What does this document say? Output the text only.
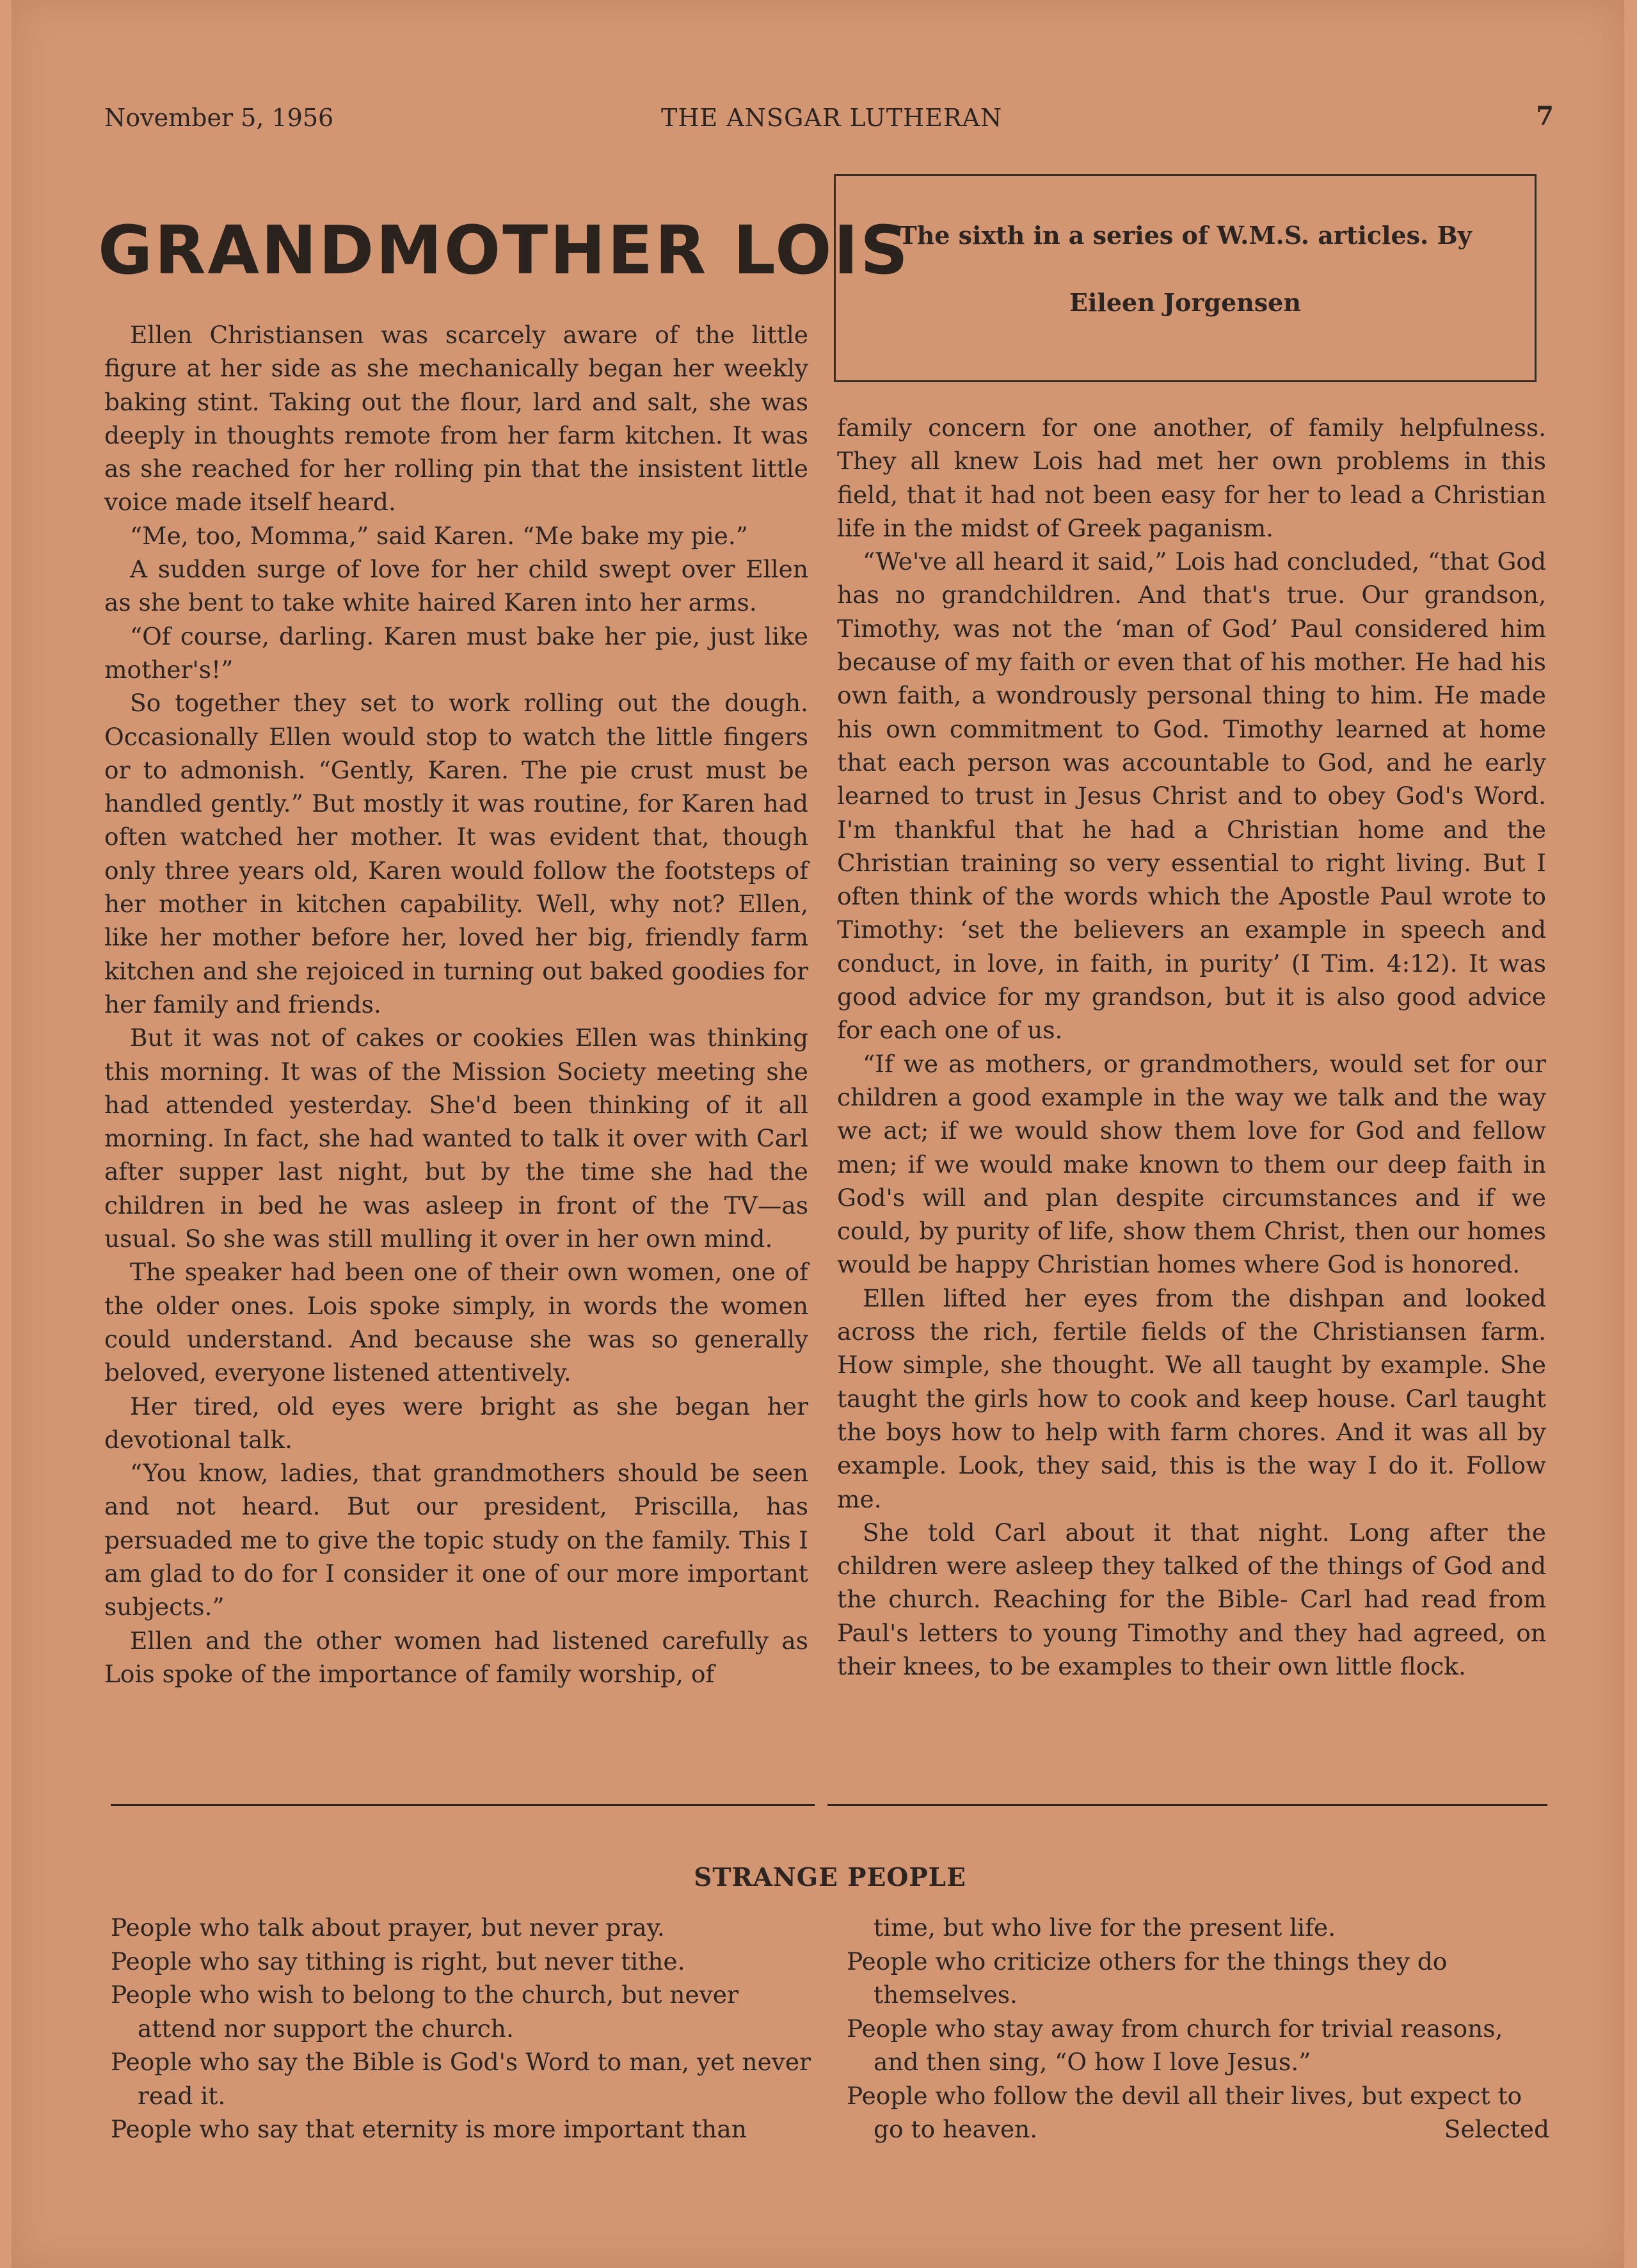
November 5, 1956	THE ANSGAR LUTHERAN	7
GRANDMOTHER LOIS
The sixth in a series of W.M.S. articles. By
Eileen Jorgensen

Ellen Christiansen was scarcely aware of the little figure at her side as she mechanically began her weekly baking stint. Taking out the flour, lard and salt, she was deeply in thoughts remote from her farm kitchen. It was as she reached for her rolling pin that the insistent little voice made itself heard.

“Me, too, Momma,” said Karen. “Me bake my pie.”

A sudden surge of love for her child swept over Ellen as she bent to take white haired Karen into her arms.

“Of course, darling. Karen must bake her pie, just like mother's!”

So together they set to work rolling out the dough. Occasionally Ellen would stop to watch the little fingers or to admonish. “Gently, Karen. The pie crust must be handled gently.” But mostly it was routine, for Karen had often watched her mother. It was evident that, though only three years old, Karen would follow the footsteps of her mother in kitchen capability. Well, why not? Ellen, like her mother before her, loved her big, friendly farm kitchen and she rejoiced in turning out baked goodies for her family and friends.

But it was not of cakes or cookies Ellen was thinking this morning. It was of the Mission Society meeting she had attended yesterday. She'd been thinking of it all morning. In fact, she had wanted to talk it over with Carl after supper last night, but by the time she had the children in bed he was asleep in front of the TV—as usual. So she was still mulling it over in her own mind.

The speaker had been one of their own women, one of the older ones. Lois spoke simply, in words the women could understand. And because she was so generally beloved, everyone listened attentively.

Her tired, old eyes were bright as she began her devotional talk.

“You know, ladies, that grandmothers should be seen and not heard. But our president, Priscilla, has persuaded me to give the topic study on the family. This I am glad to do for I consider it one of our more important subjects.”

Ellen and the other women had listened carefully as Lois spoke of the importance of family worship, of

family concern for one another, of family helpfulness. They all knew Lois had met her own problems in this field, that it had not been easy for her to lead a Christian life in the midst of Greek paganism.

“We've all heard it said,” Lois had concluded, “that God has no grandchildren. And that's true. Our grandson, Timothy, was not the ‘man of God’ Paul considered him because of my faith or even that of his mother. He had his own faith, a wondrously personal thing to him. He made his own commitment to God. Timothy learned at home that each person was accountable to God, and he early learned to trust in Jesus Christ and to obey God's Word. I'm thankful that he had a Christian home and the Christian training so very essential to right living. But I often think of the words which the Apostle Paul wrote to Timothy: ‘set the believers an example in speech and conduct, in love, in faith, in purity’ (I Tim. 4:12). It was good advice for my grandson, but it is also good advice for each one of us.

“If we as mothers, or grandmothers, would set for our children a good example in the way we talk and the way we act; if we would show them love for God and fellow men; if we would make known to them our deep faith in God's will and plan despite circumstances and if we could, by purity of life, show them Christ, then our homes would be happy Christian homes where God is honored.

Ellen lifted her eyes from the dishpan and looked across the rich, fertile fields of the Christiansen farm. How simple, she thought. We all taught by example. She taught the girls how to cook and keep house. Carl taught the boys how to help with farm chores. And it was all by example. Look, they said, this is the way I do it. Follow me.

She told Carl about it that night. Long after the children were asleep they talked of the things of God and the church. Reaching for the Bible- Carl had read from Paul's letters to young Timothy and they had agreed, on their knees, to be examples to their own little flock.

STRANGE PEOPLE
People who talk about prayer, but never pray.
People who say tithing is right, but never tithe.
People who wish to belong to the church, but never attend nor support the church.
People who say the Bible is God's Word to man, yet never read it.
People who say that eternity is more important than
time, but who live for the present life.
People who criticize others for the things they do themselves.
People who stay away from church for trivial reasons, and then sing, “O how I love Jesus.”
People who follow the devil all their lives, but expect to go to heaven.	Selected
